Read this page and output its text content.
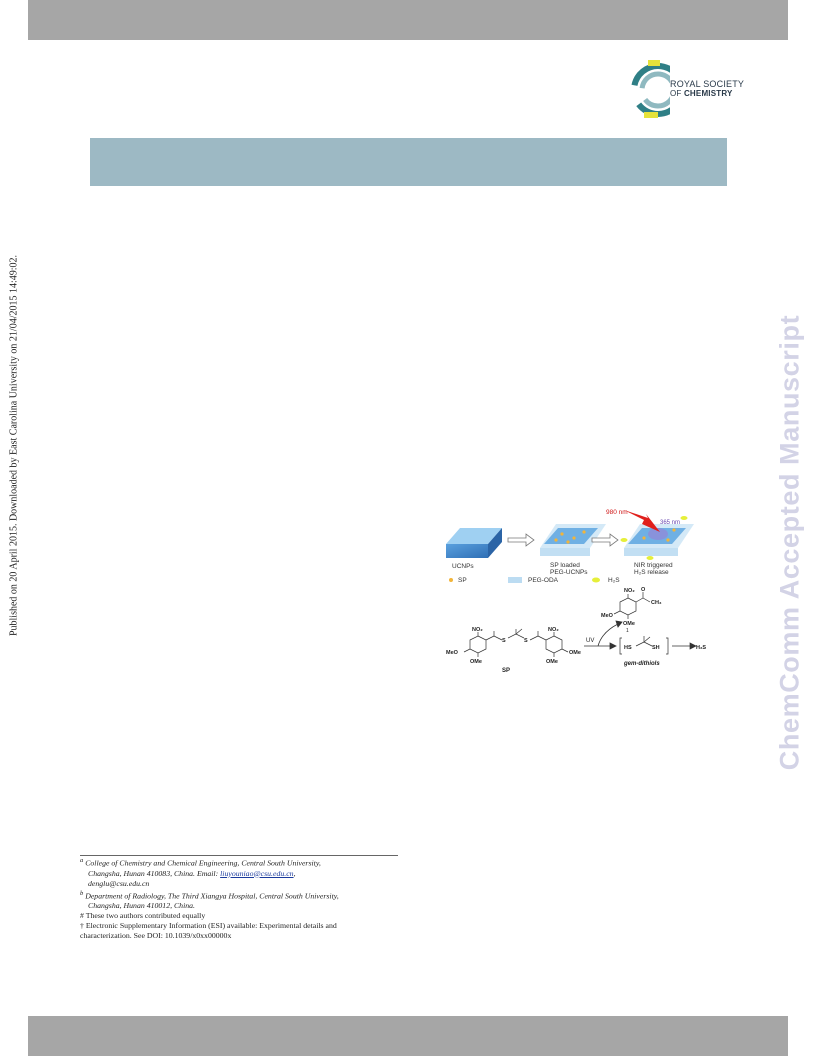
ROYAL SOCIETY
OF CHEMISTRY
Published on 20 April 2015. Downloaded by East Carolina University on 21/04/2015 14:49:02.	ChemComm Accepted Manuscript
UCNPs	SP loaded
PEG-UCNPs
980 nm
365 nm
NIR triggered
H₂S release
SP	PEG-ODA	H₂S
NO₂ O
CH₃
MeO
OMe
1
NO₂	NO₂
S	S
MeO
OMe
OMe
OMe
SP
UV
HS	SH
gem-dithiols
H₂S
$^a$ College of Chemistry and Chemical Engineering, Central South University,
Changsha, Hunan 410083, China. Email: liuyouniao@csu.edu.cn,
denglu@csu.edu.cn
$^b$ Department of Radiology, The Third Xiangya Hospital, Central South University,
Changsha, Hunan 410012, China.
# These two authors contributed equally
† Electronic Supplementary Information (ESI) available: Experimental details and
characterization. See DOI: 10.1039/x0xx00000x
